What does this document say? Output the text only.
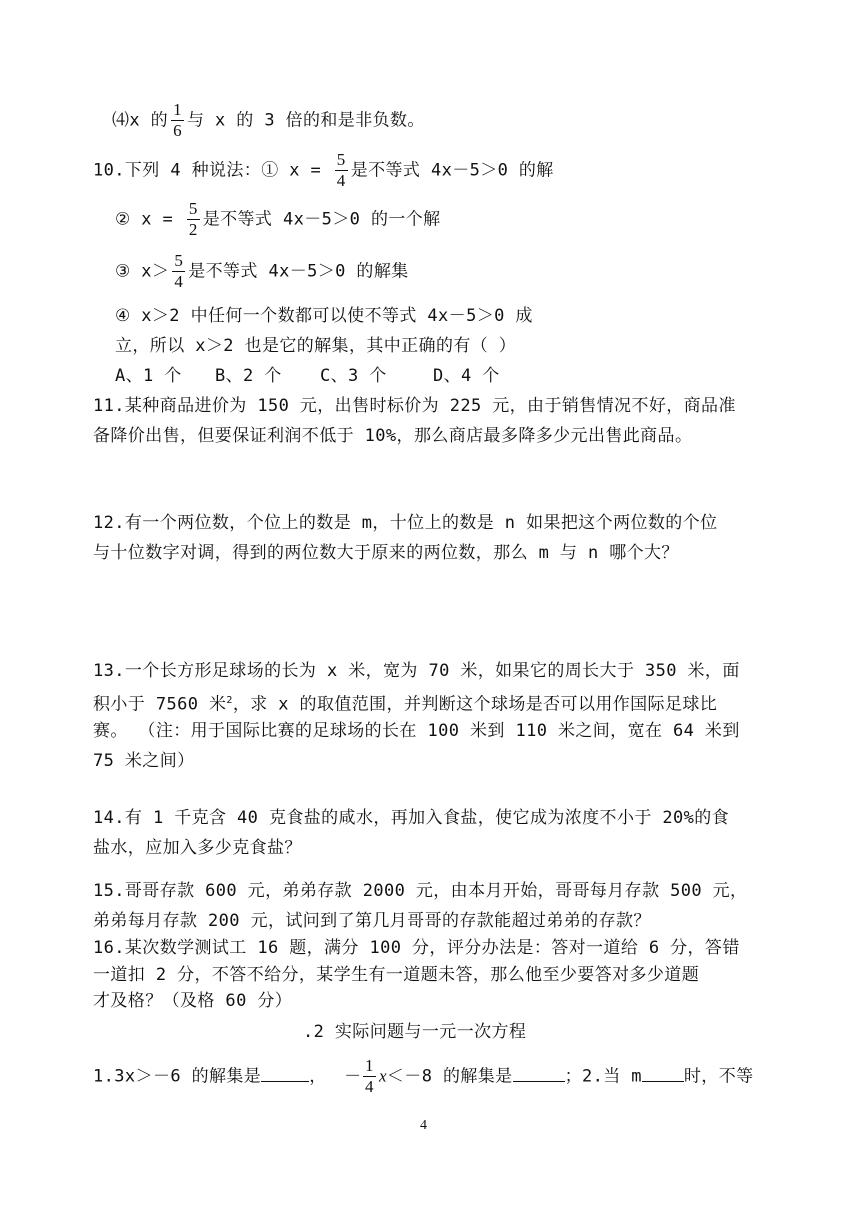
⑷x 的 $\frac{1}{6}$ 与 x 的 3 倍的和是非负数。
10.下列 4 种说法：① $x = \frac{5}{4}$ 是不等式 4x－5＞0 的解
② $x = \frac{5}{2}$ 是不等式 4x－5＞0 的一个解
③ $x> \frac{5}{4}$ 是不等式 4x－5＞0 的解集
④ x＞2 中任何一个数都可以使不等式 4x－5＞0 成
立，所以 x＞2 也是它的解集，其中正确的有（ ）
A、1 个 B、2 个 C、3 个	D、4 个
11.某种商品进价为 150 元，出售时标价为 225 元，由于销售情况不好，商品准
备降价出售，但要保证利润不低于 10%，那么商店最多降多少元出售此商品。
12.有一个两位数，个位上的数是 m，十位上的数是 n 如果把这个两位数的个位
与十位数字对调，得到的两位数大于原来的两位数，那么 m 与 n 哪个大？
13.一个长方形足球场的长为 x 米，宽为 70 米，如果它的周长大于 350 米，面
积小于 7560 米$^2$，求 x 的取值范围，并判断这个球场是否可以用作国际足球比
赛。 （注：用于国际比赛的足球场的长在 100 米到 110 米之间，宽在 64 米到
75 米之间）
14.有 1 千克含 40 克食盐的咸水，再加入食盐，使它成为浓度不小于 20%的食
盐水，应加入多少克食盐？
15.哥哥存款 600 元，弟弟存款 2000 元，由本月开始，哥哥每月存款 500 元，
弟弟每月存款 200 元，试问到了第几月哥哥的存款能超过弟弟的存款？
16.某次数学测试工 16 题，满分 100 分，评分办法是：答对一道给 6 分，答错
一道扣 2 分，不答不给分，某学生有一道题未答，那么他至少要答对多少道题
才及格？（及格 60 分）
.2 实际问题与一元一次方程
1.3x＞－6 的解集是	， － $\frac{1}{4} x<-8$ 的解集是	；2.当 m 时，不等
4
